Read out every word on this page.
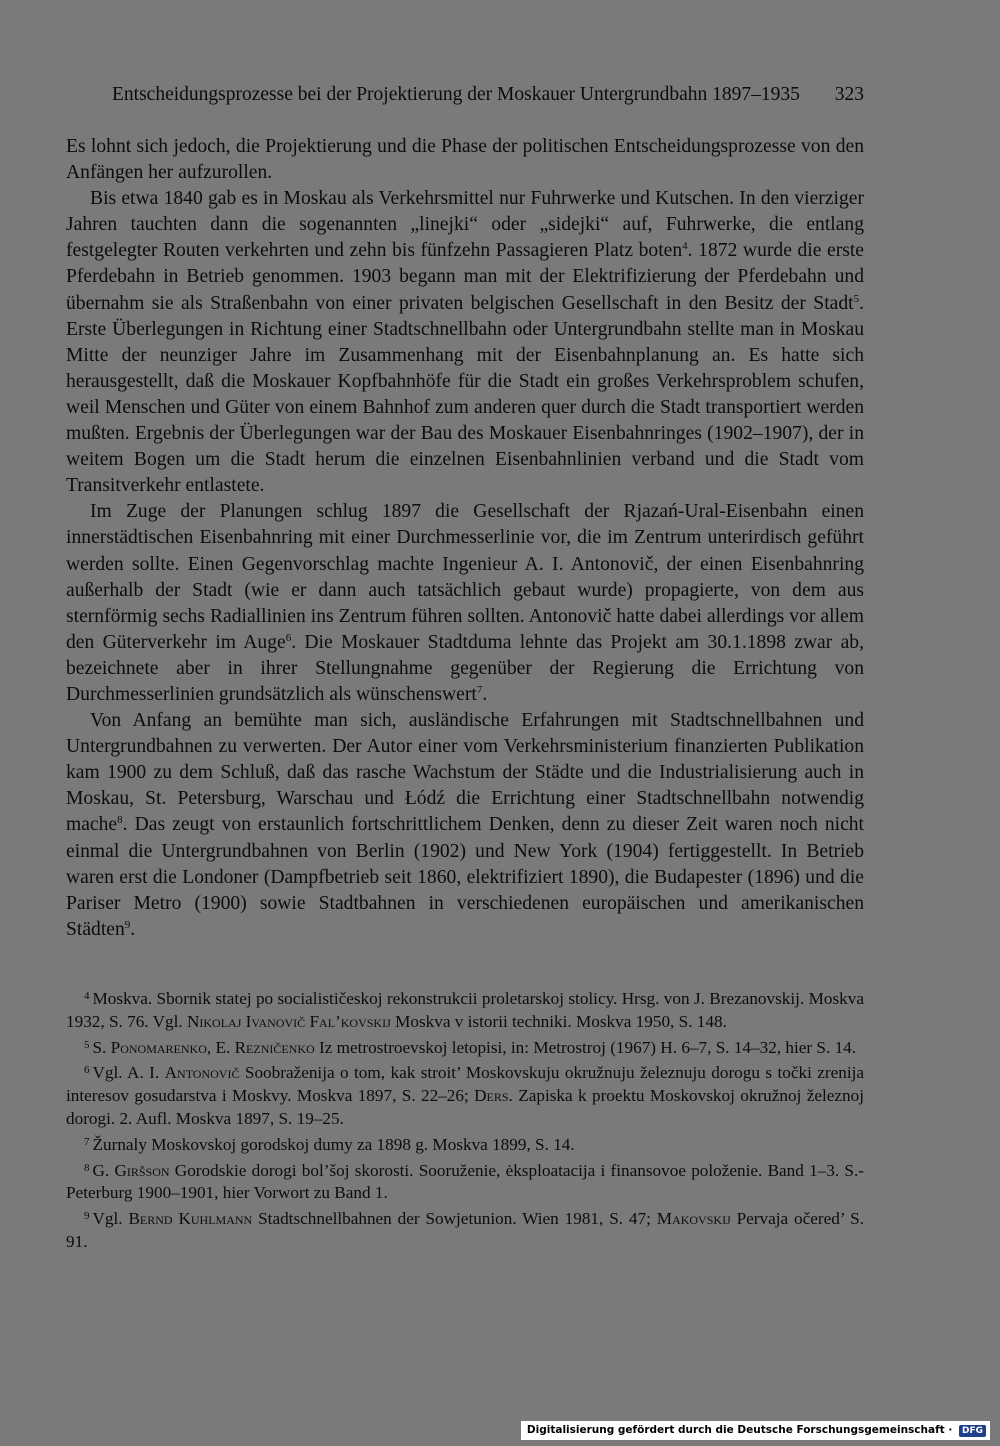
Entscheidungsprozesse bei der Projektierung der Moskauer Untergrundbahn 1897–1935 323

Es lohnt sich jedoch, die Projektierung und die Phase der politischen Entscheidungsprozesse von den Anfängen her aufzurollen.

Bis etwa 1840 gab es in Moskau als Verkehrsmittel nur Fuhrwerke und Kutschen. In den vierziger Jahren tauchten dann die sogenannten „linejki“ oder „sidejki“ auf, Fuhrwerke, die entlang festgelegter Routen verkehrten und zehn bis fünfzehn Passagieren Platz boten$^4$. 1872 wurde die erste Pferdebahn in Betrieb genommen. 1903 begann man mit der Elektrifizierung der Pferdebahn und übernahm sie als Straßenbahn von einer privaten belgischen Gesellschaft in den Besitz der Stadt$^5$. Erste Überlegungen in Richtung einer Stadtschnellbahn oder Untergrundbahn stellte man in Moskau Mitte der neunziger Jahre im Zusammenhang mit der Eisenbahnplanung an. Es hatte sich herausgestellt, daß die Moskauer Kopfbahnhöfe für die Stadt ein großes Verkehrsproblem schufen, weil Menschen und Güter von einem Bahnhof zum anderen quer durch die Stadt transportiert werden mußten. Ergebnis der Überlegungen war der Bau des Moskauer Eisenbahnringes (1902–1907), der in weitem Bogen um die Stadt herum die einzelnen Eisenbahnlinien verband und die Stadt vom Transitverkehr entlastete.

Im Zuge der Planungen schlug 1897 die Gesellschaft der Rjazań-Ural-Eisenbahn einen innerstädtischen Eisenbahnring mit einer Durchmesserlinie vor, die im Zentrum unterirdisch geführt werden sollte. Einen Gegenvorschlag machte Ingenieur A. I. Antonovič, der einen Eisenbahnring außerhalb der Stadt (wie er dann auch tatsächlich gebaut wurde) propagierte, von dem aus sternförmig sechs Radiallinien ins Zentrum führen sollten. Antonovič hatte dabei allerdings vor allem den Güterverkehr im Auge$^6$. Die Moskauer Stadtduma lehnte das Projekt am 30.1.1898 zwar ab, bezeichnete aber in ihrer Stellungnahme gegenüber der Regierung die Errichtung von Durchmesserlinien grundsätzlich als wünschenswert$^7$.

Von Anfang an bemühte man sich, ausländische Erfahrungen mit Stadtschnellbahnen und Untergrundbahnen zu verwerten. Der Autor einer vom Verkehrsministerium finanzierten Publikation kam 1900 zu dem Schluß, daß das rasche Wachstum der Städte und die Industrialisierung auch in Moskau, St. Petersburg, Warschau und Łódź die Errichtung einer Stadtschnellbahn notwendig mache$^8$. Das zeugt von erstaunlich fortschrittlichem Denken, denn zu dieser Zeit waren noch nicht einmal die Untergrundbahnen von Berlin (1902) und New York (1904) fertiggestellt. In Betrieb waren erst die Londoner (Dampfbetrieb seit 1860, elektrifiziert 1890), die Budapester (1896) und die Pariser Metro (1900) sowie Stadtbahnen in verschiedenen europäischen und amerikanischen Städten$^9$.

$^4$ Moskva. Sbornik statej po socialističeskoj rekonstrukcii proletarskoj stolicy. Hrsg. von J. Brezanovskij. Moskva 1932, S. 76. Vgl. Nikolaj Ivanovič Fal’kovskij Moskva v istorii techniki. Moskva 1950, S. 148.

$^5$ S. Ponomarenko, E. Rezničenko Iz metrostroevskoj letopisi, in: Metrostroj (1967) H. 6–7, S. 14–32, hier S. 14.

$^6$ Vgl. A. I. Antonovič Soobraženija o tom, kak stroit’ Moskovskuju okružnuju železnuju dorogu s točki zrenija interesov gosudarstva i Moskvy. Moskva 1897, S. 22–26; Ders. Zapiska k proektu Moskovskoj okružnoj železnoj dorogi. 2. Aufl. Moskva 1897, S. 19–25.

$^7$ Žurnaly Moskovskoj gorodskoj dumy za 1898 g. Moskva 1899, S. 14.

$^8$ G. Giršson Gorodskie dorogi bol’šoj skorosti. Sooruženie, ėksploatacija i finansovoe položenie. Band 1–3. S.-Peterburg 1900–1901, hier Vorwort zu Band 1.

$^9$ Vgl. Bernd Kuhlmann Stadtschnellbahnen der Sowjetunion. Wien 1981, S. 47; Makovskij Pervaja očered’ S. 91.

Digitalisierung gefördert durch die Deutsche Forschungsgemeinschaft · DFG
